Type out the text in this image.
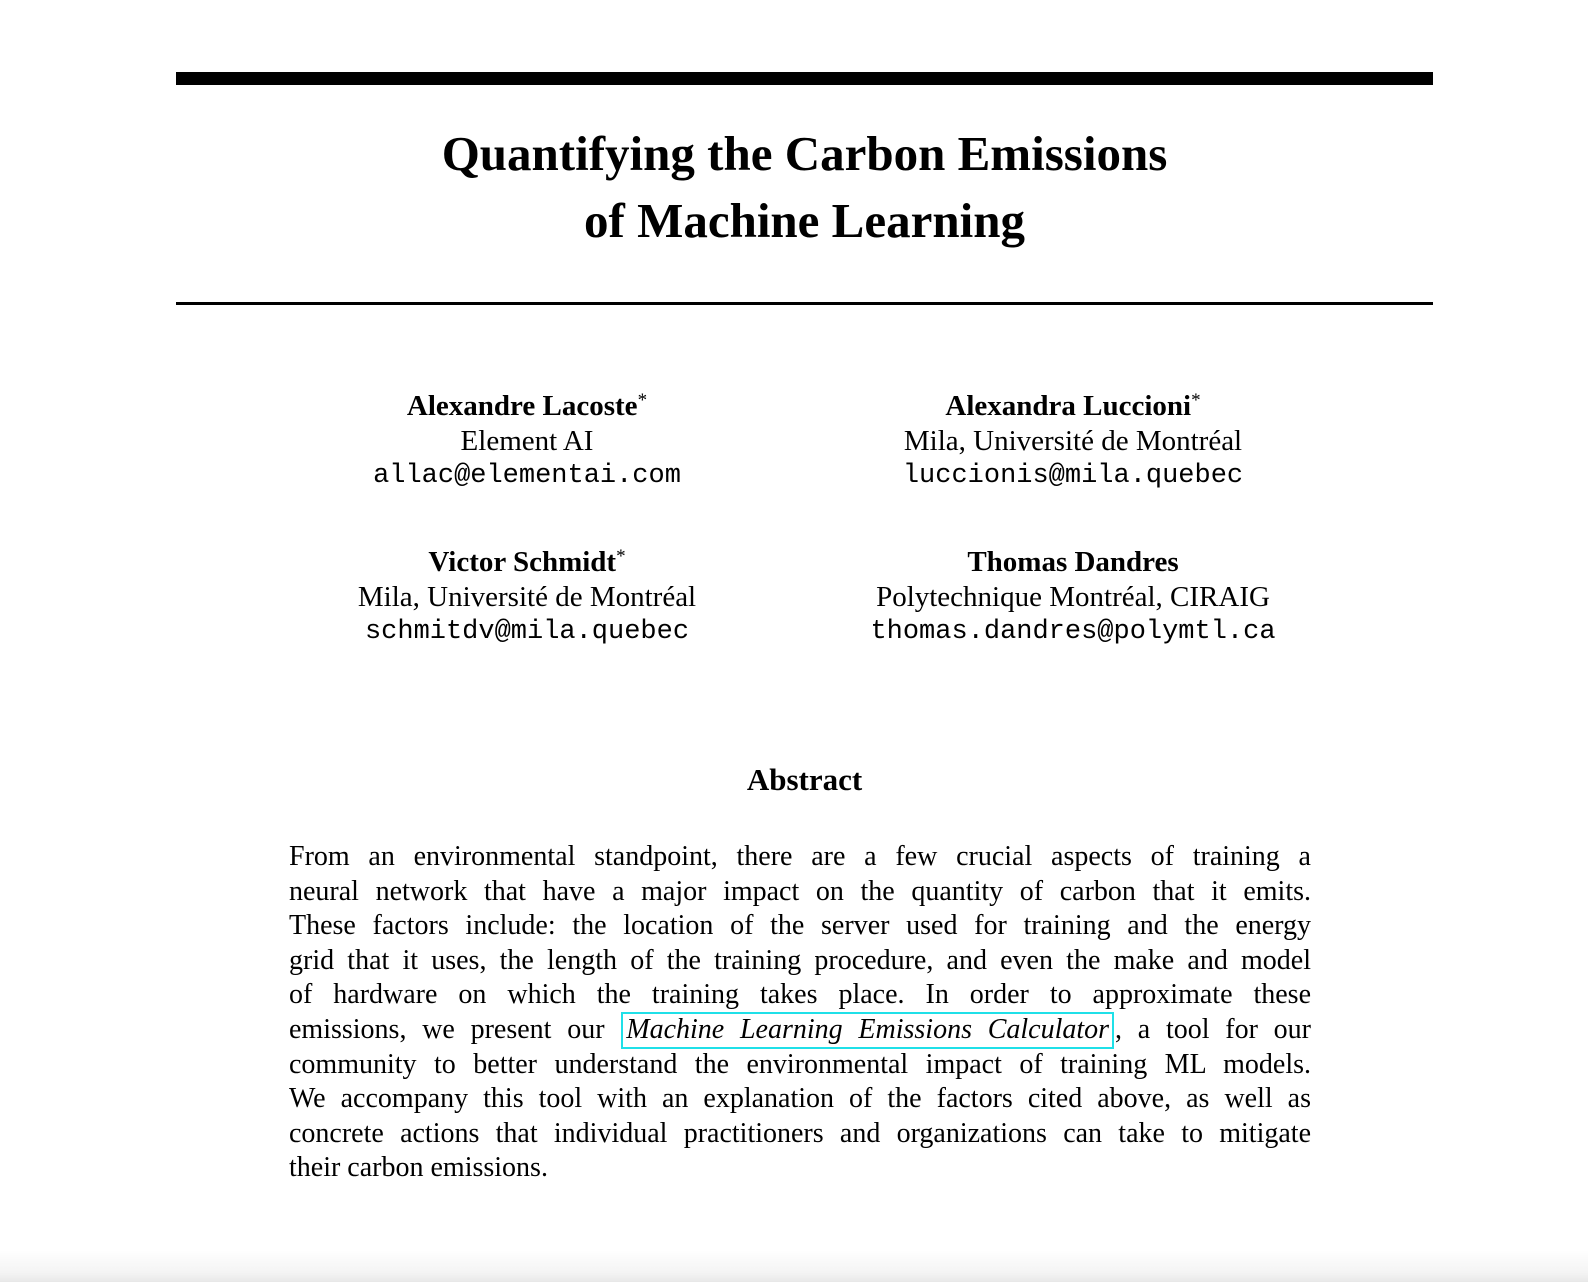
Quantifying the Carbon Emissions
of Machine Learning
Alexandre Lacoste*
Element AI
allac@elementai.com
Alexandra Luccioni*
Mila, Université de Montréal
luccionis@mila.quebec
Victor Schmidt*
Mila, Université de Montréal
schmitdv@mila.quebec
Thomas Dandres
Polytechnique Montréal, CIRAIG
thomas.dandres@polymtl.ca
Abstract
From an environmental standpoint, there are a few crucial aspects of training a
neural network that have a major impact on the quantity of carbon that it emits.
These factors include: the location of the server used for training and the energy
grid that it uses, the length of the training procedure, and even the make and model
of hardware on which the training takes place. In order to approximate these
emissions, we present our Machine Learning Emissions Calculator , a tool for our
community to better understand the environmental impact of training ML models.
We accompany this tool with an explanation of the factors cited above, as well as
concrete actions that individual practitioners and organizations can take to mitigate
their carbon emissions.
